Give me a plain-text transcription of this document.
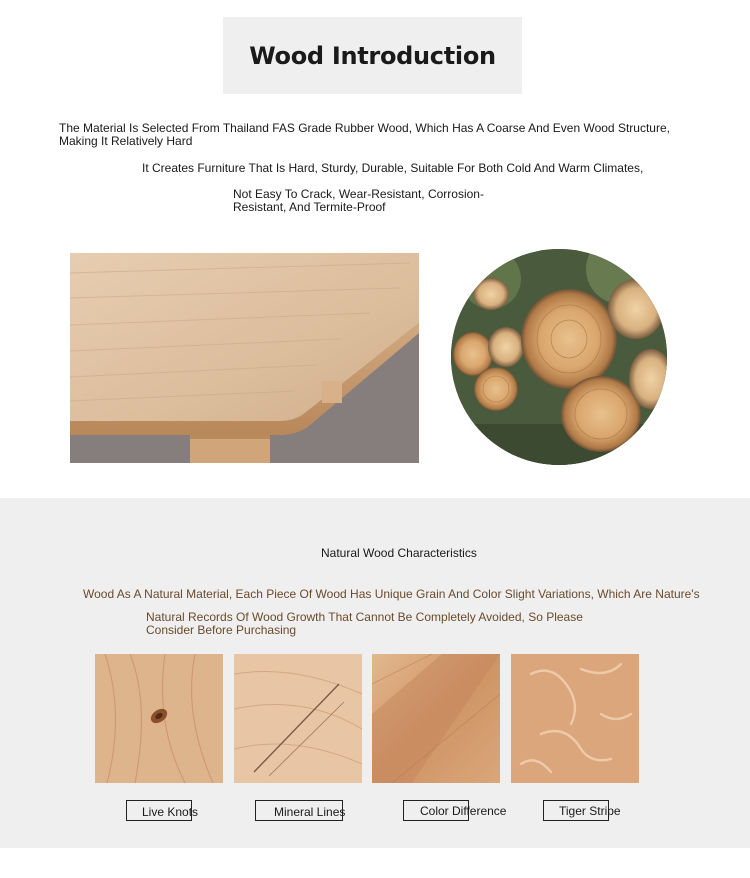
Wood Introduction

The Material Is Selected From Thailand FAS Grade Rubber Wood, Which Has A Coarse And Even Wood Structure, Making It Relatively Hard

It Creates Furniture That Is Hard, Sturdy, Durable, Suitable For Both Cold And Warm Climates,

Not Easy To Crack, Wear-Resistant, Corrosion-Resistant, And Termite-Proof

Natural Wood Characteristics

Wood As A Natural Material, Each Piece Of Wood Has Unique Grain And Color Slight Variations, Which Are Nature's

Natural Records Of Wood Growth That Cannot Be Completely Avoided, So Please Consider Before Purchasing

Live Knots	Mineral Lines	Color Difference	Tiger Stripe
